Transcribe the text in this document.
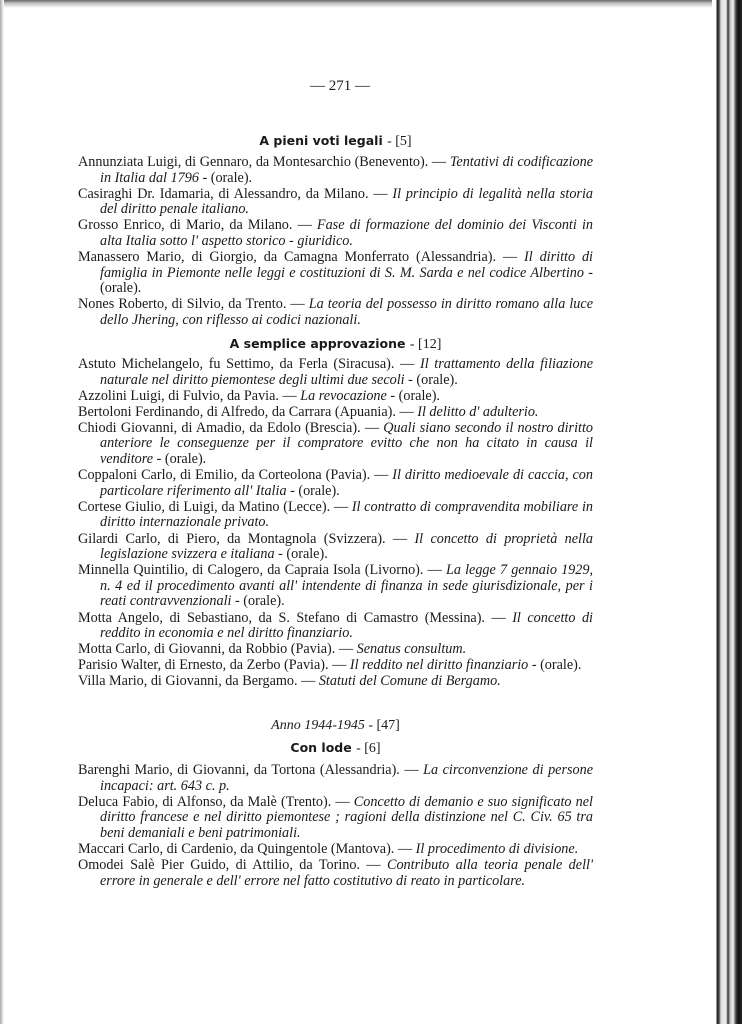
— 271 —
A pieni voti legali - [5]
Annunziata Luigi, di Gennaro, da Montesarchio (Benevento). — Tentativi di codificazione in Italia dal 1796 - (orale).
Casiraghi Dr. Idamaria, di Alessandro, da Milano. — Il principio di legalità nella storia del diritto penale italiano.
Grosso Enrico, di Mario, da Milano. — Fase di formazione del dominio dei Visconti in alta Italia sotto l' aspetto storico - giuridico.
Manassero Mario, di Giorgio, da Camagna Monferrato (Alessandria). — Il diritto di famiglia in Piemonte nelle leggi e costituzioni di S. M. Sarda e nel codice Albertino - (orale).
Nones Roberto, di Silvio, da Trento. — La teoria del possesso in diritto romano alla luce dello Jhering, con riflesso ai codici nazionali.
A semplice approvazione - [12]
Astuto Michelangelo, fu Settimo, da Ferla (Siracusa). — Il trattamento della filiazione naturale nel diritto piemontese degli ultimi due secoli - (orale).
Azzolini Luigi, di Fulvio, da Pavia. — La revocazione - (orale).
Bertoloni Ferdinando, di Alfredo, da Carrara (Apuania). — Il delitto d' adulterio.
Chiodi Giovanni, di Amadio, da Edolo (Brescia). — Quali siano secondo il nostro diritto anteriore le conseguenze per il compratore evitto che non ha citato in causa il venditore - (orale).
Coppaloni Carlo, di Emilio, da Corteolona (Pavia). — Il diritto medioevale di caccia, con particolare riferimento all' Italia - (orale).
Cortese Giulio, di Luigi, da Matino (Lecce). — Il contratto di compravendita mobiliare in diritto internazionale privato.
Gilardi Carlo, di Piero, da Montagnola (Svizzera). — Il concetto di proprietà nella legislazione svizzera e italiana - (orale).
Minnella Quintilio, di Calogero, da Capraia Isola (Livorno). — La legge 7 gennaio 1929, n. 4 ed il procedimento avanti all' intendente di finanza in sede giurisdizionale, per i reati contravvenzionali - (orale).
Motta Angelo, di Sebastiano, da S. Stefano di Camastro (Messina). — Il concetto di reddito in economia e nel diritto finanziario.
Motta Carlo, di Giovanni, da Robbio (Pavia). — Senatus consultum.
Parisio Walter, di Ernesto, da Zerbo (Pavia). — Il reddito nel diritto finanziario - (orale).
Villa Mario, di Giovanni, da Bergamo. — Statuti del Comune di Bergamo.
Anno 1944-1945 - [47]
Con lode - [6]
Barenghi Mario, di Giovanni, da Tortona (Alessandria). — La circonvenzione di persone incapaci: art. 643 c. p.
Deluca Fabio, di Alfonso, da Malè (Trento). — Concetto di demanio e suo significato nel diritto francese e nel diritto piemontese ; ragioni della distinzione nel C. Civ. 65 tra beni demaniali e beni patrimoniali.
Maccari Carlo, di Cardenio, da Quingentole (Mantova). — Il procedimento di divisione.
Omodei Salè Pier Guido, di Attilio, da Torino. — Contributo alla teoria penale dell' errore in generale e dell' errore nel fatto costitutivo di reato in particolare.
